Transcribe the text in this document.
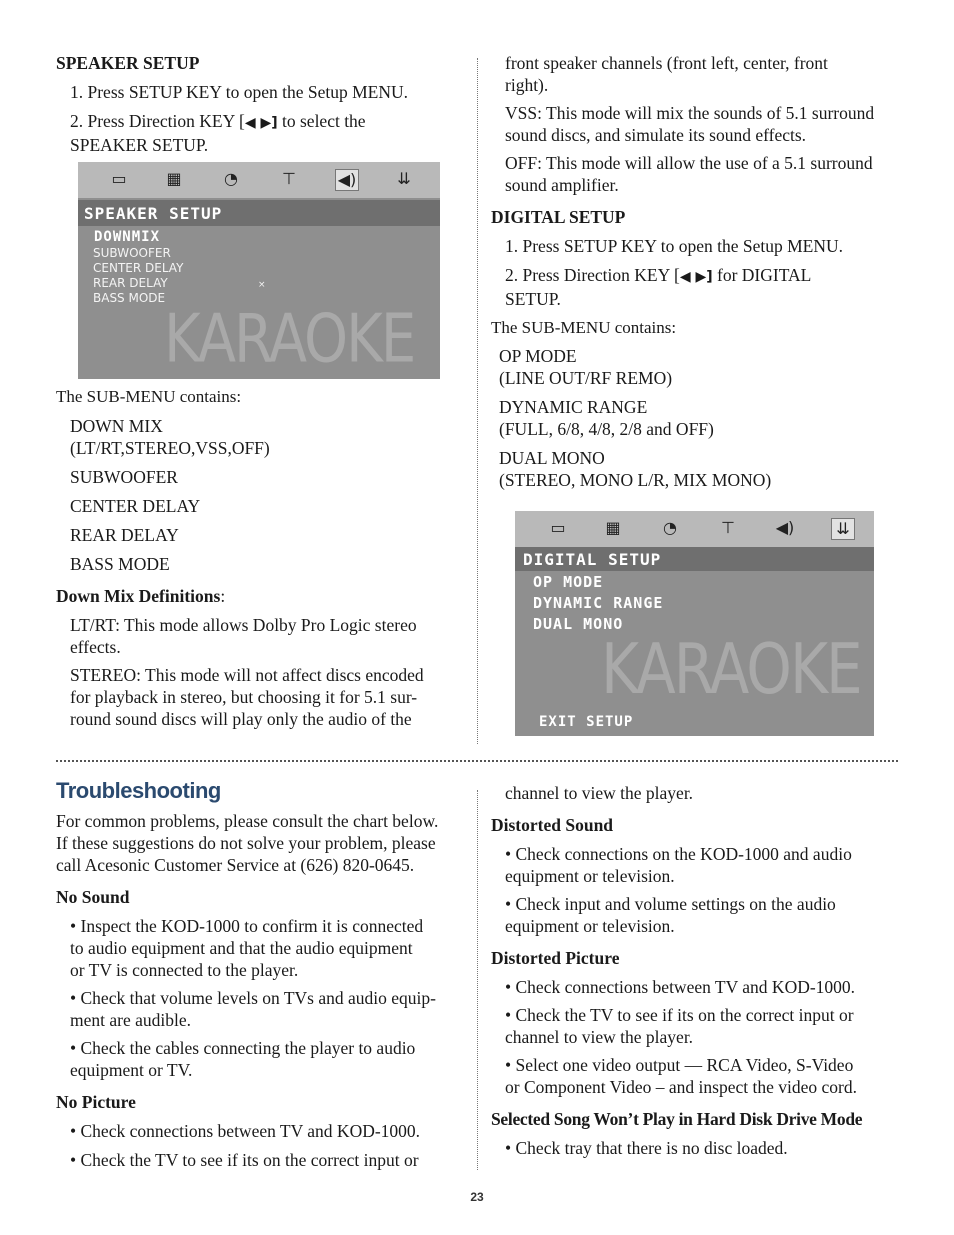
SPEAKER SETUP

1. Press SETUP KEY to open the Setup MENU.

2. Press Direction KEY [◀ ▶] to select the
SPEAKER SETUP.

▭ ▦	◔	⊤	◀)	⇊
SPEAKER SETUP
DOWNMIX
SUBWOOFER
CENTER DELAY
REAR DELAY
BASS MODE
×
KARAOKE

The SUB-MENU contains:

DOWN MIX

(LT/RT,STEREO,VSS,OFF)

SUBWOOFER

CENTER DELAY

REAR DELAY

BASS MODE

Down Mix Definitions:

LT/RT: This mode allows Dolby Pro Logic stereo
effects.

STEREO: This mode will not affect discs encoded
for playback in stereo, but choosing it for 5.1 sur-
round sound discs will play only the audio of the

front speaker channels (front left, center, front
right).

VSS: This mode will mix the sounds of 5.1 surround
sound discs, and simulate its sound effects.

OFF: This mode will allow the use of a 5.1 surround
sound amplifier.

DIGITAL SETUP

1. Press SETUP KEY to open the Setup MENU.

2. Press Direction KEY [◀ ▶] for DIGITAL
SETUP.

The SUB-MENU contains:

OP MODE

(LINE OUT/RF REMO)

DYNAMIC RANGE

(FULL, 6/8, 4/8, 2/8 and OFF)

DUAL MONO

(STEREO, MONO L/R, MIX MONO)

▭ ▦	◔	⊤	◀)	⇊
DIGITAL SETUP
OP MODE
DYNAMIC RANGE
DUAL MONO
KARAOKE
EXIT SETUP

Troubleshooting

For common problems, please consult the chart below.
If these suggestions do not solve your problem, please
call Acesonic Customer Service at (626) 820-0645.

No Sound

• Inspect the KOD-1000 to confirm it is connected
to audio equipment and that the audio equipment
or TV is connected to the player.

• Check that volume levels on TVs and audio equip-
ment are audible.

• Check the cables connecting the player to audio
equipment or TV.

No Picture

• Check connections between TV and KOD-1000.

• Check the TV to see if its on the correct input or

channel to view the player.

Distorted Sound

• Check connections on the KOD-1000 and audio
equipment or television.

• Check input and volume settings on the audio
equipment or television.

Distorted Picture

• Check connections between TV and KOD-1000.

• Check the TV to see if its on the correct input or
channel to view the player.

• Select one video output — RCA Video, S-Video
or Component Video – and inspect the video cord.

Selected Song Won’t Play in Hard Disk Drive Mode

• Check tray that there is no disc loaded.

23
